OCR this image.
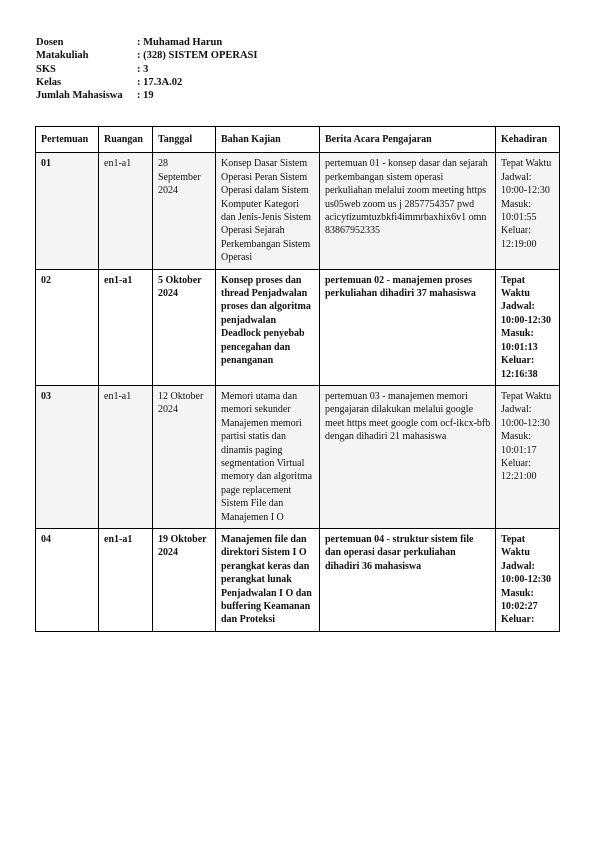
Dosen	: Muhamad Harun
Matakuliah	: (328) SISTEM OPERASI
SKS	: 3
Kelas	: 17.3A.02
Jumlah Mahasiswa	: 19
Pertemuan	Ruangan	Tanggal	Bahan Kajian	Berita Acara Pengajaran	Kehadiran
01	en1-a1	28 September 2024	Konsep Dasar Sistem Operasi Peran Sistem Operasi dalam Sistem Komputer Kategori dan Jenis-Jenis Sistem Operasi Sejarah Perkembangan Sistem Operasi	pertemuan 01 - konsep dasar dan sejarah perkembangan sistem operasi perkuliahan melalui zoom meeting https us05web zoom us j 2857754357 pwd acicytizumtuzbkfi4immrbaxhix6v1 omn 83867952335	Tepat Waktu Jadwal: 10:00-12:30 Masuk: 10:01:55 Keluar: 12:19:00
02	en1-a1	5 Oktober 2024	Konsep proses dan thread Penjadwalan proses dan algoritma penjadwalan Deadlock penyebab pencegahan dan penanganan	pertemuan 02 - manajemen proses perkuliahan dihadiri 37 mahasiswa	Tepat Waktu Jadwal: 10:00-12:30 Masuk: 10:01:13 Keluar: 12:16:38
03	en1-a1	12 Oktober 2024	Memori utama dan memori sekunder Manajemen memori partisi statis dan dinamis paging segmentation Virtual memory dan algoritma page replacement Sistem File dan Manajemen I O	pertemuan 03 - manajemen memori pengajaran dilakukan melalui google meet https meet google com ocf-ikcx-bfb dengan dihadiri 21 mahasiswa	Tepat Waktu Jadwal: 10:00-12:30 Masuk: 10:01:17 Keluar: 12:21:00
04	en1-a1	19 Oktober 2024	Manajemen file dan direktori Sistem I O perangkat keras dan perangkat lunak Penjadwalan I O dan buffering Keamanan dan Proteksi	pertemuan 04 - struktur sistem file dan operasi dasar perkuliahan dihadiri 36 mahasiswa	Tepat Waktu Jadwal: 10:00-12:30 Masuk: 10:02:27 Keluar:
